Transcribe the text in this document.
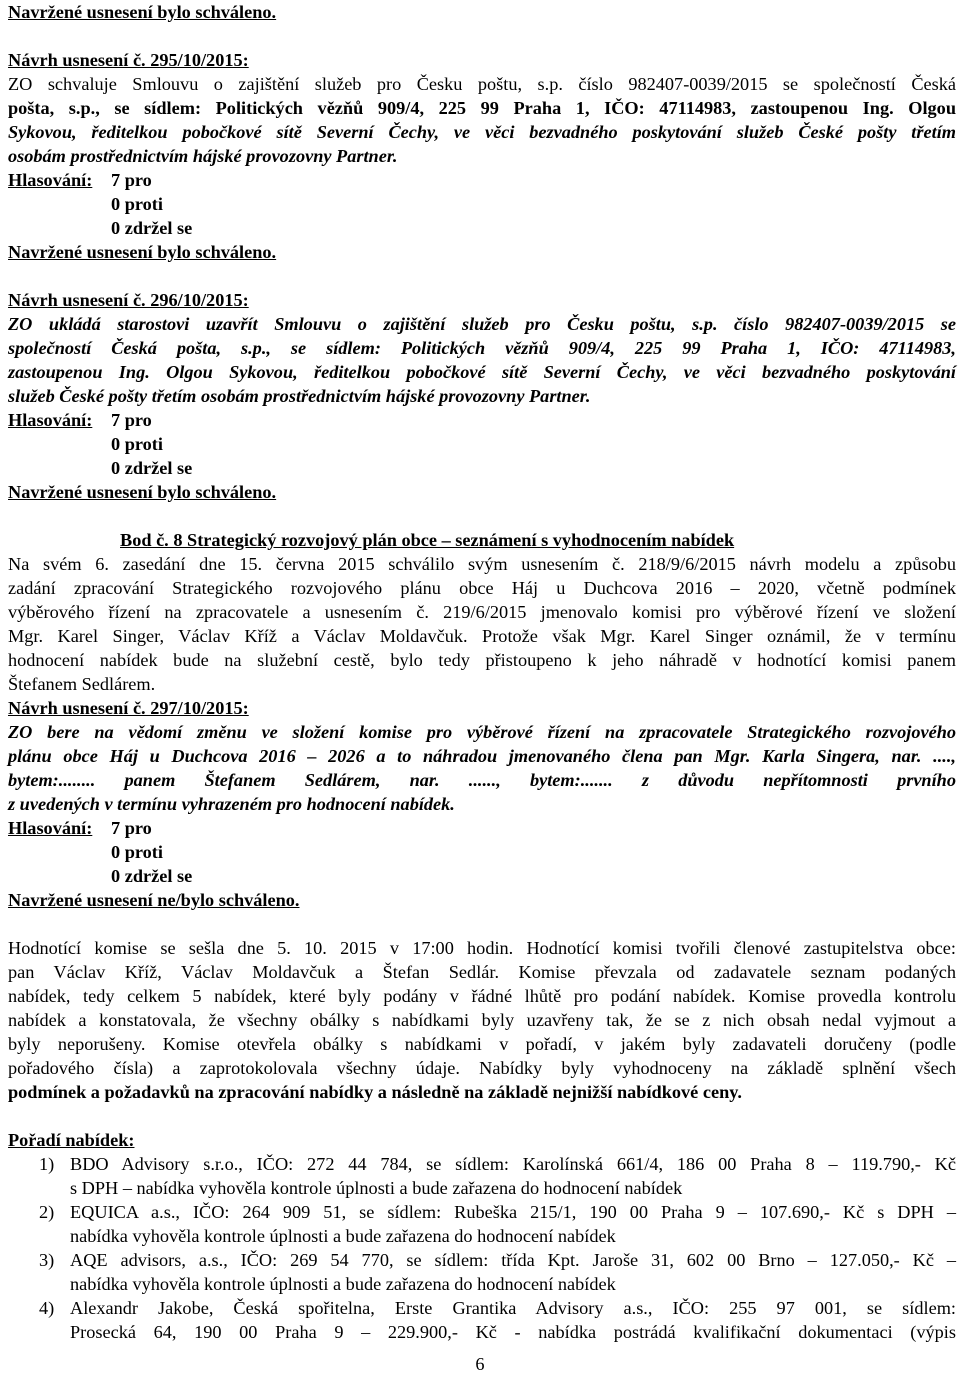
Navržené usnesení bylo schváleno.
Návrh usnesení č. 295/10/2015:
ZO schvaluje Smlouvu o zajištění služeb pro Česku poštu, s.p. číslo 982407-0039/2015 se společností Česká
pošta, s.p., se sídlem: Politických vězňů 909/4, 225 99 Praha 1, IČO: 47114983, zastoupenou Ing. Olgou
Sykovou, ředitelkou pobočkové sítě Severní Čechy, ve věci bezvadného poskytování služeb České pošty třetím
osobám prostřednictvím hájské provozovny Partner.
Hlasování: 7 pro
0 proti
0 zdržel se
Navržené usnesení bylo schváleno.
Návrh usnesení č. 296/10/2015:
ZO ukládá starostovi uzavřít Smlouvu o zajištění služeb pro Česku poštu, s.p. číslo 982407-0039/2015 se
společností Česká pošta, s.p., se sídlem: Politických vězňů 909/4, 225 99 Praha 1, IČO: 47114983,
zastoupenou Ing. Olgou Sykovou, ředitelkou pobočkové sítě Severní Čechy, ve věci bezvadného poskytování
služeb České pošty třetím osobám prostřednictvím hájské provozovny Partner.
Hlasování: 7 pro
0 proti
0 zdržel se
Navržené usnesení bylo schváleno.
Bod č. 8 Strategický rozvojový plán obce – seznámení s vyhodnocením nabídek
Na svém 6. zasedání dne 15. června 2015 schválilo svým usnesením č. 218/9/6/2015 návrh modelu a způsobu
zadání zpracování Strategického rozvojového plánu obce Háj u Duchcova 2016 – 2020, včetně podmínek
výběrového řízení na zpracovatele a usnesením č. 219/6/2015 jmenovalo komisi pro výběrové řízení ve složení
Mgr. Karel Singer, Václav Kříž a Václav Moldavčuk. Protože však Mgr. Karel Singer oznámil, že v termínu
hodnocení nabídek bude na služební cestě, bylo tedy přistoupeno k jeho náhradě v hodnotící komisi panem
Štefanem Sedlárem.
Návrh usnesení č. 297/10/2015:
ZO bere na vědomí změnu ve složení komise pro výběrové řízení na zpracovatele Strategického rozvojového
plánu obce Háj u Duchcova 2016 – 2026 a to náhradou jmenovaného člena pan Mgr. Karla Singera, nar. ....,
bytem:........ panem Štefanem Sedlárem, nar. ......, bytem:....... z důvodu nepřítomnosti prvního
z uvedených v termínu vyhrazeném pro hodnocení nabídek.
Hlasování: 7 pro
0 proti
0 zdržel se
Navržené usnesení ne/bylo schváleno.
Hodnotící komise se sešla dne 5. 10. 2015 v 17:00 hodin. Hodnotící komisi tvořili členové zastupitelstva obce:
pan Václav Kříž, Václav Moldavčuk a Štefan Sedlár. Komise převzala od zadavatele seznam podaných
nabídek, tedy celkem 5 nabídek, které byly podány v řádné lhůtě pro podání nabídek. Komise provedla kontrolu
nabídek a konstatovala, že všechny obálky s nabídkami byly uzavřeny tak, že se z nich obsah nedal vyjmout a
byly neporušeny. Komise otevřela obálky s nabídkami v pořadí, v jakém byly zadavateli doručeny (podle
pořadového čísla) a zaprotokolovala všechny údaje. Nabídky byly vyhodnoceny na základě splnění všech
podmínek a požadavků na zpracování nabídky a následně na základě nejnižší nabídkové ceny.
Pořadí nabídek:
1) BDO Advisory s.r.o., IČO: 272 44 784, se sídlem: Karolínská 661/4, 186 00 Praha 8 – 119.790,- Kč
s DPH – nabídka vyhověla kontrole úplnosti a bude zařazena do hodnocení nabídek
2) EQUICA a.s., IČO: 264 909 51, se sídlem: Rubeška 215/1, 190 00 Praha 9 – 107.690,- Kč s DPH –
nabídka vyhověla kontrole úplnosti a bude zařazena do hodnocení nabídek
3) AQE advisors, a.s., IČO: 269 54 770, se sídlem: třída Kpt. Jaroše 31, 602 00 Brno – 127.050,- Kč –
nabídka vyhověla kontrole úplnosti a bude zařazena do hodnocení nabídek
4) Alexandr Jakobe, Česká spořitelna, Erste Grantika Advisory a.s., IČO: 255 97 001, se sídlem:
Prosecká 64, 190 00 Praha 9 – 229.900,- Kč - nabídka postrádá kvalifikační dokumentaci (výpis
6
